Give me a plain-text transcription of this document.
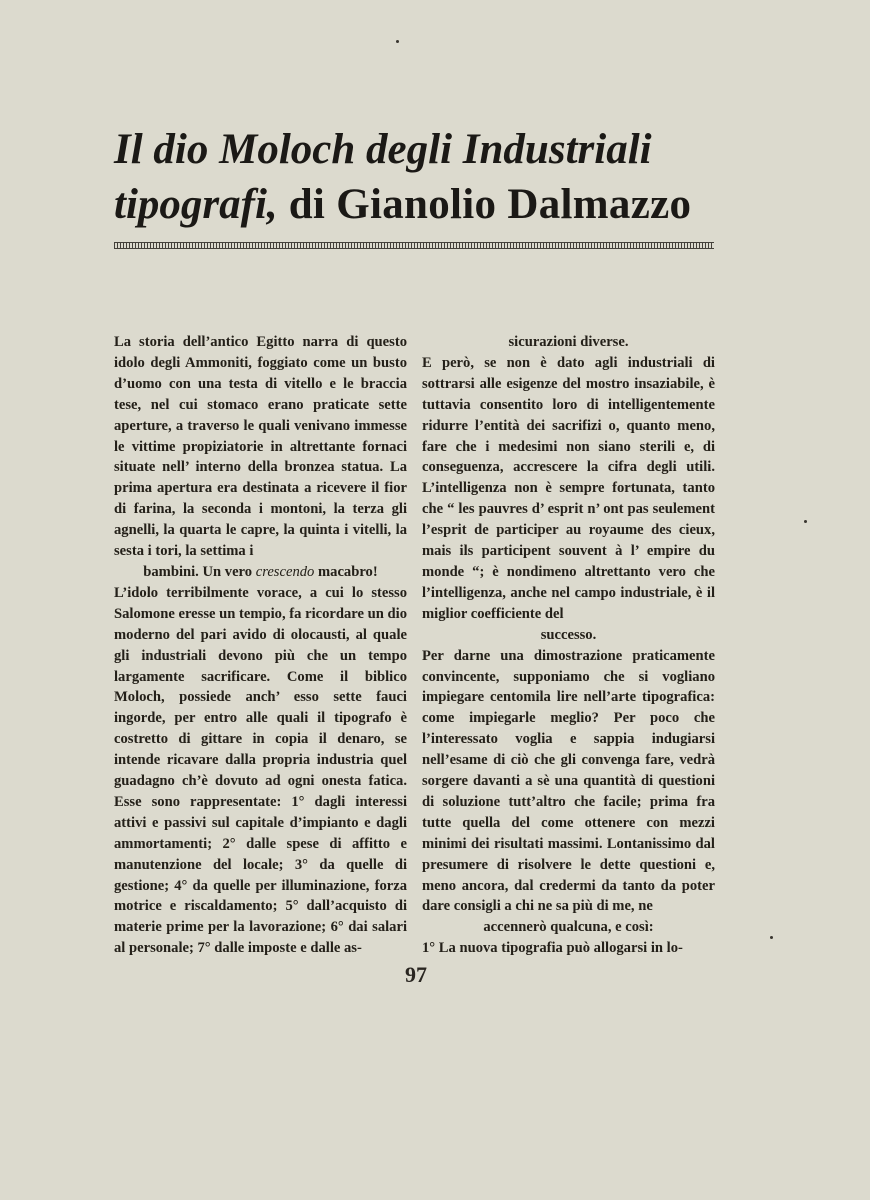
Il dio Moloch degli Industriali
tipografi, di Gianolio Dalmazzo

La storia dell’antico Egitto narra di questo idolo degli Ammoniti, foggiato come un busto d’uomo con una testa di vitello e le braccia tese, nel cui stomaco erano praticate sette aperture, a traverso le quali venivano immesse le vittime propiziatorie in altrettante fornaci situate nell’ interno della bronzea statua. La prima apertura era destinata a ricevere il fior di farina, la seconda i montoni, la terza gli agnelli, la quarta le capre, la quinta i vitelli, la sesta i tori, la settima i

bambini. Un vero crescendo macabro!

L’idolo terribilmente vorace, a cui lo stesso Salomone eresse un tempio, fa ricordare un dio moderno del pari avido di olocausti, al quale gli industriali devono più che un tempo largamente sacrificare. Come il biblico Moloch, possiede anch’ esso sette fauci ingorde, per entro alle quali il tipografo è costretto di gittare in copia il denaro, se intende ricavare dalla propria industria quel guadagno ch’è dovuto ad ogni onesta fatica. Esse sono rappresentate: 1° dagli interessi attivi e passivi sul capitale d’impianto e dagli ammortamenti; 2° dalle spese di affitto e manutenzione del locale; 3° da quelle di gestione; 4° da quelle per illuminazione, forza motrice e riscaldamento; 5° dall’acquisto di materie prime per la lavorazione; 6° dai salari al personale; 7° dalle imposte e dalle as-

sicurazioni diverse.

E però, se non è dato agli industriali di sottrarsi alle esigenze del mostro insaziabile, è tuttavia consentito loro di intelligentemente ridurre l’entità dei sacrifizi o, quanto meno, fare che i medesimi non siano sterili e, di conseguenza, accrescere la cifra degli utili. L’intelligenza non è sempre fortunata, tanto che “ les pauvres d’ esprit n’ ont pas seulement l’esprit de participer au royaume des cieux, mais ils participent souvent à l’ empire du monde “; è nondimeno altrettanto vero che l’intelligenza, anche nel campo industriale, è il miglior coefficiente del

successo.

Per darne una dimostrazione praticamente convincente, supponiamo che si vogliano impiegare centomila lire nell’arte tipografica: come impiegarle meglio? Per poco che l’interessato voglia e sappia indugiarsi nell’esame di ciò che gli convenga fare, vedrà sorgere davanti a sè una quantità di questioni di soluzione tutt’altro che facile; prima fra tutte quella del come ottenere con mezzi minimi dei risultati massimi. Lontanissimo dal presumere di risolvere le dette questioni e, meno ancora, dal credermi da tanto da poter dare consigli a chi ne sa più di me, ne

accennerò qualcuna, e così:

1° La nuova tipografia può allogarsi in lo-

97
